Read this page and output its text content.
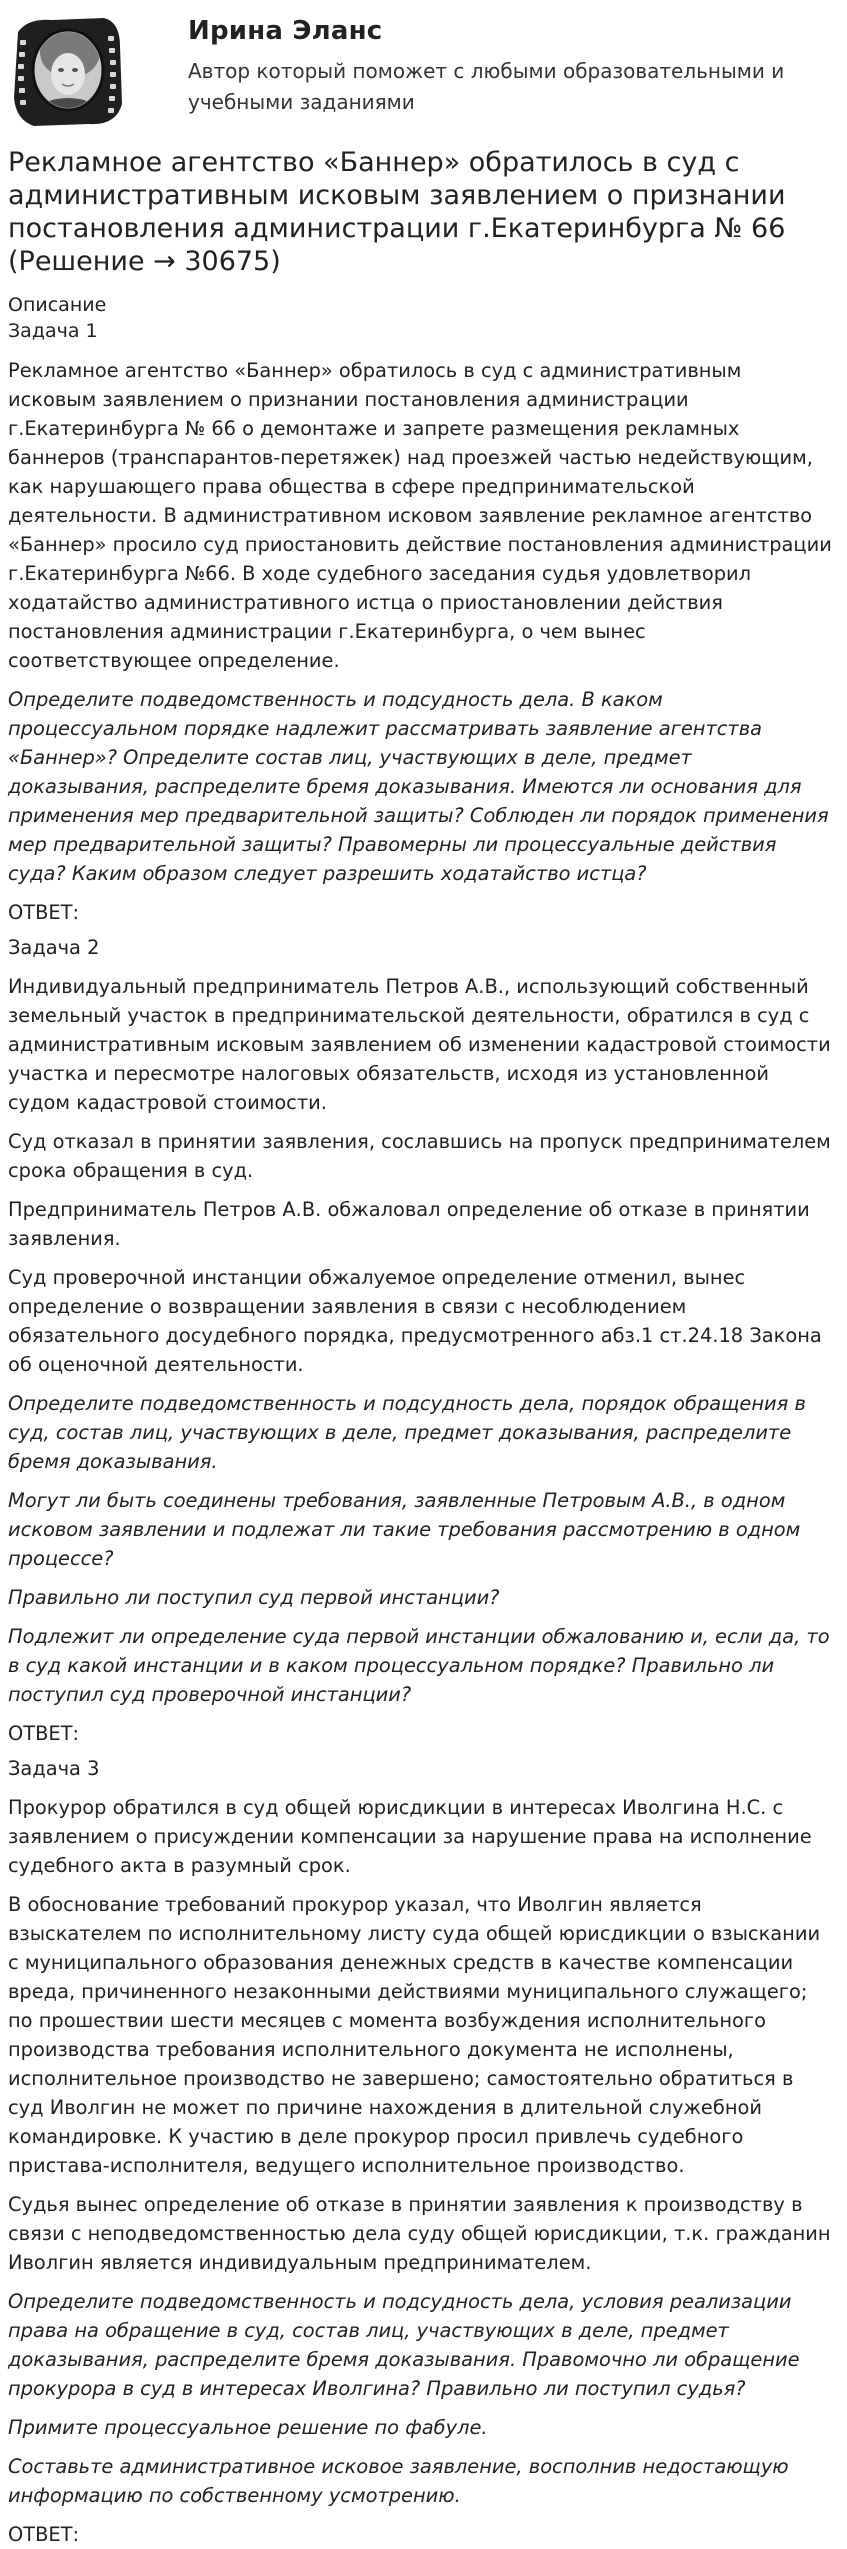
Ирина Эланс
Автор который поможет с любыми образовательными и учебными заданиями
Рекламное агентство «Баннер» обратилось в суд с административным исковым заявлением о признании постановления администрации г.Екатеринбурга № 66 (Решение → 30675)
Описание
Задача 1

Рекламное агентство «Баннер» обратилось в суд с административным исковым заявлением о признании постановления администрации г.Екатеринбурга № 66 о демонтаже и запрете размещения рекламных баннеров (транспарантов-перетяжек) над проезжей частью недействующим, как нарушающего права общества в сфере предпринимательской деятельности. В административном исковом заявление рекламное агентство «Баннер» просило суд приостановить действие постановления администрации г.Екатеринбурга №66. В ходе судебного заседания судья удовлетворил ходатайство административного истца о приостановлении действия постановления администрации г.Екатеринбурга, о чем вынес соответствующее определение.

Определите подведомственность и подсудность дела. В каком процессуальном порядке надлежит рассматривать заявление агентства «Баннер»? Определите состав лиц, участвующих в деле, предмет доказывания, распределите бремя доказывания. Имеются ли основания для применения мер предварительной защиты? Соблюден ли порядок применения мер предварительной защиты? Правомерны ли процессуальные действия суда? Каким образом следует разрешить ходатайство истца?

ОТВЕТ:
Задача 2

Индивидуальный предприниматель Петров А.В., использующий собственный земельный участок в предпринимательской деятельности, обратился в суд с административным исковым заявлением об изменении кадастровой стоимости участка и пересмотре налоговых обязательств, исходя из установленной судом кадастровой стоимости.

Суд отказал в принятии заявления, сославшись на пропуск предпринимателем срока обращения в суд.

Предприниматель Петров А.В. обжаловал определение об отказе в принятии заявления.

Суд проверочной инстанции обжалуемое определение отменил, вынес определение о возвращении заявления в связи с несоблюдением обязательного досудебного порядка, предусмотренного абз.1 ст.24.18 Закона об оценочной деятельности.

Определите подведомственность и подсудность дела, порядок обращения в суд, состав лиц, участвующих в деле, предмет доказывания, распределите бремя доказывания.

Могут ли быть соединены требования, заявленные Петровым А.В., в одном исковом заявлении и подлежат ли такие требования рассмотрению в одном процессе?

Правильно ли поступил суд первой инстанции?

Подлежит ли определение суда первой инстанции обжалованию и, если да, то в суд какой инстанции и в каком процессуальном порядке? Правильно ли поступил суд проверочной инстанции?

ОТВЕТ:
Задача 3

Прокурор обратился в суд общей юрисдикции в интересах Иволгина Н.С. с заявлением о присуждении компенсации за нарушение права на исполнение судебного акта в разумный срок.

В обоснование требований прокурор указал, что Иволгин является взыскателем по исполнительному листу суда общей юрисдикции о взыскании с муниципального образования денежных средств в качестве компенсации вреда, причиненного незаконными действиями муниципального служащего; по прошествии шести месяцев с момента возбуждения исполнительного производства требования исполнительного документа не исполнены, исполнительное производство не завершено; самостоятельно обратиться в суд Иволгин не может по причине нахождения в длительной служебной командировке. К участию в деле прокурор просил привлечь судебного пристава-исполнителя, ведущего исполнительное производство.

Судья вынес определение об отказе в принятии заявления к производству в связи с неподведомственностью дела суду общей юрисдикции, т.к. гражданин Иволгин является индивидуальным предпринимателем.

Определите подведомственность и подсудность дела, условия реализации права на обращение в суд, состав лиц, участвующих в деле, предмет доказывания, распределите бремя доказывания. Правомочно ли обращение прокурора в суд в интересах Иволгина? Правильно ли поступил судья?

Примите процессуальное решение по фабуле.

Составьте административное исковое заявление, восполнив недостающую информацию по собственному усмотрению.

ОТВЕТ:
